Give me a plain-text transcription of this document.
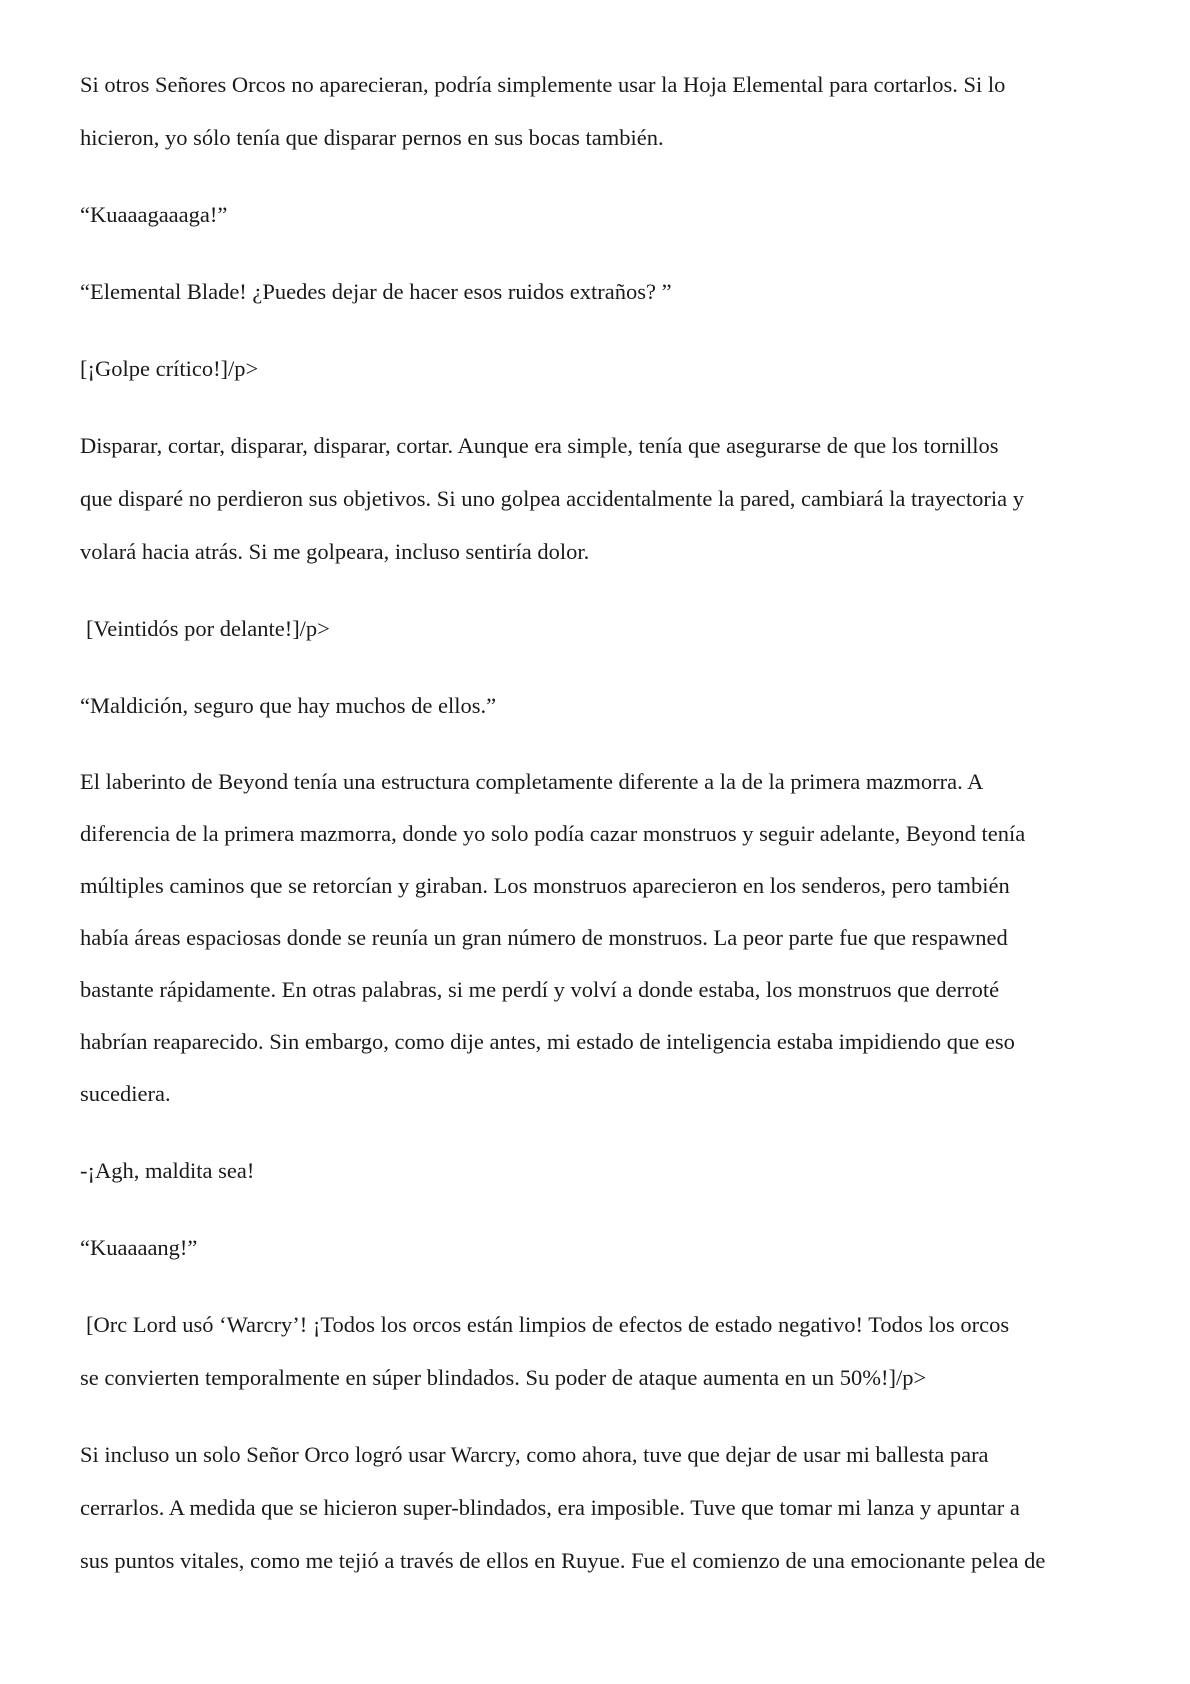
Si otros Señores Orcos no aparecieran, podría simplemente usar la Hoja Elemental para cortarlos. Si lo
hicieron, yo sólo tenía que disparar pernos en sus bocas también.
“Kuaaagaaaga!”
“Elemental Blade! ¿Puedes dejar de hacer esos ruidos extraños? ”
[¡Golpe crítico!]/p>
Disparar, cortar, disparar, disparar, cortar. Aunque era simple, tenía que asegurarse de que los tornillos
que disparé no perdieron sus objetivos. Si uno golpea accidentalmente la pared, cambiará la trayectoria y
volará hacia atrás. Si me golpeara, incluso sentiría dolor.
[Veintidós por delante!]/p>
“Maldición, seguro que hay muchos de ellos.”
El laberinto de Beyond tenía una estructura completamente diferente a la de la primera mazmorra. A
diferencia de la primera mazmorra, donde yo solo podía cazar monstruos y seguir adelante, Beyond tenía
múltiples caminos que se retorcían y giraban. Los monstruos aparecieron en los senderos, pero también
había áreas espaciosas donde se reunía un gran número de monstruos. La peor parte fue que respawned
bastante rápidamente. En otras palabras, si me perdí y volví a donde estaba, los monstruos que derroté
habrían reaparecido. Sin embargo, como dije antes, mi estado de inteligencia estaba impidiendo que eso
sucediera.
-¡Agh, maldita sea!
“Kuaaaang!”
[Orc Lord usó ‘Warcry’! ¡Todos los orcos están limpios de efectos de estado negativo! Todos los orcos
se convierten temporalmente en súper blindados. Su poder de ataque aumenta en un 50%!]/p>
Si incluso un solo Señor Orco logró usar Warcry, como ahora, tuve que dejar de usar mi ballesta para
cerrarlos. A medida que se hicieron super-blindados, era imposible. Tuve que tomar mi lanza y apuntar a
sus puntos vitales, como me tejió a través de ellos en Ruyue. Fue el comienzo de una emocionante pelea de
